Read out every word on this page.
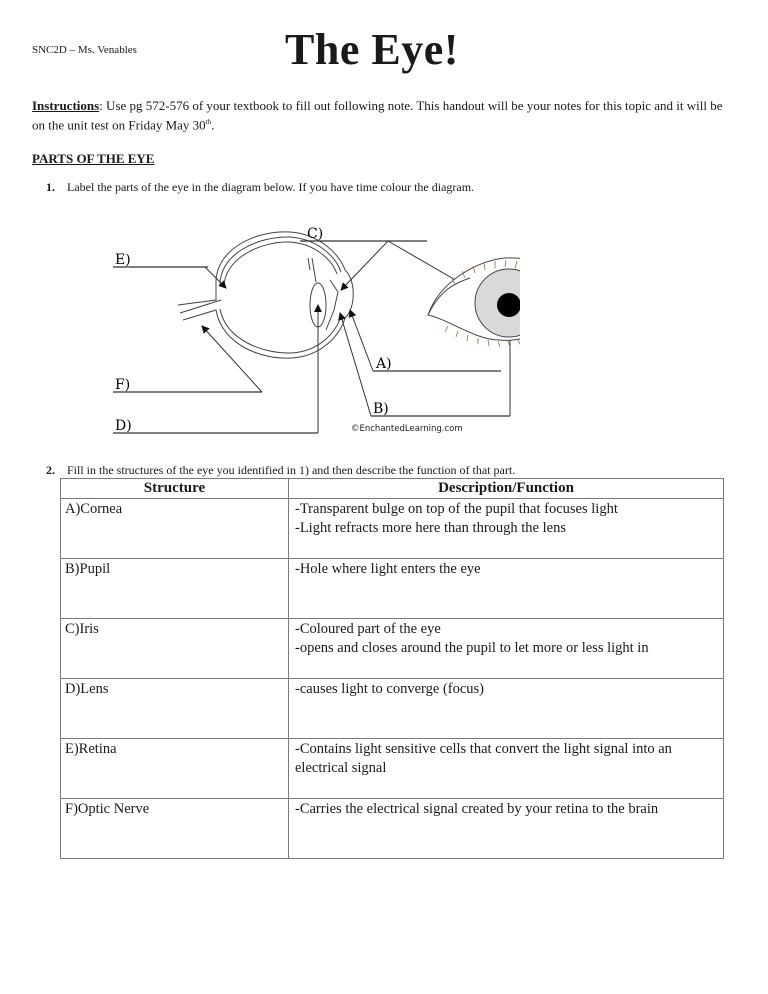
SNC2D – Ms. Venables	The Eye!
Instructions: Use pg 572-576 of your textbook to fill out following note. This handout will be your notes for this topic and it will be on the unit test on Friday May 30th.
PARTS OF THE EYE
1. Label the parts of the eye in the diagram below. If you have time colour the diagram.
C)
E)
F)
D)
A)
B)
©EnchantedLearning.com
2. Fill in the structures of the eye you identified in 1) and then describe the function of that part.
Structure	Description/Function
A)Cornea	-Transparent bulge on top of the pupil that focuses light
-Light refracts more here than through the lens

B)Pupil	-Hole where light enters the eye

C)Iris	-Coloured part of the eye
-opens and closes around the pupil to let more or less light in

D)Lens	-causes light to converge (focus)

E)Retina	-Contains light sensitive cells that convert the light signal into an electrical signal

F)Optic Nerve	-Carries the electrical signal created by your retina to the brain
